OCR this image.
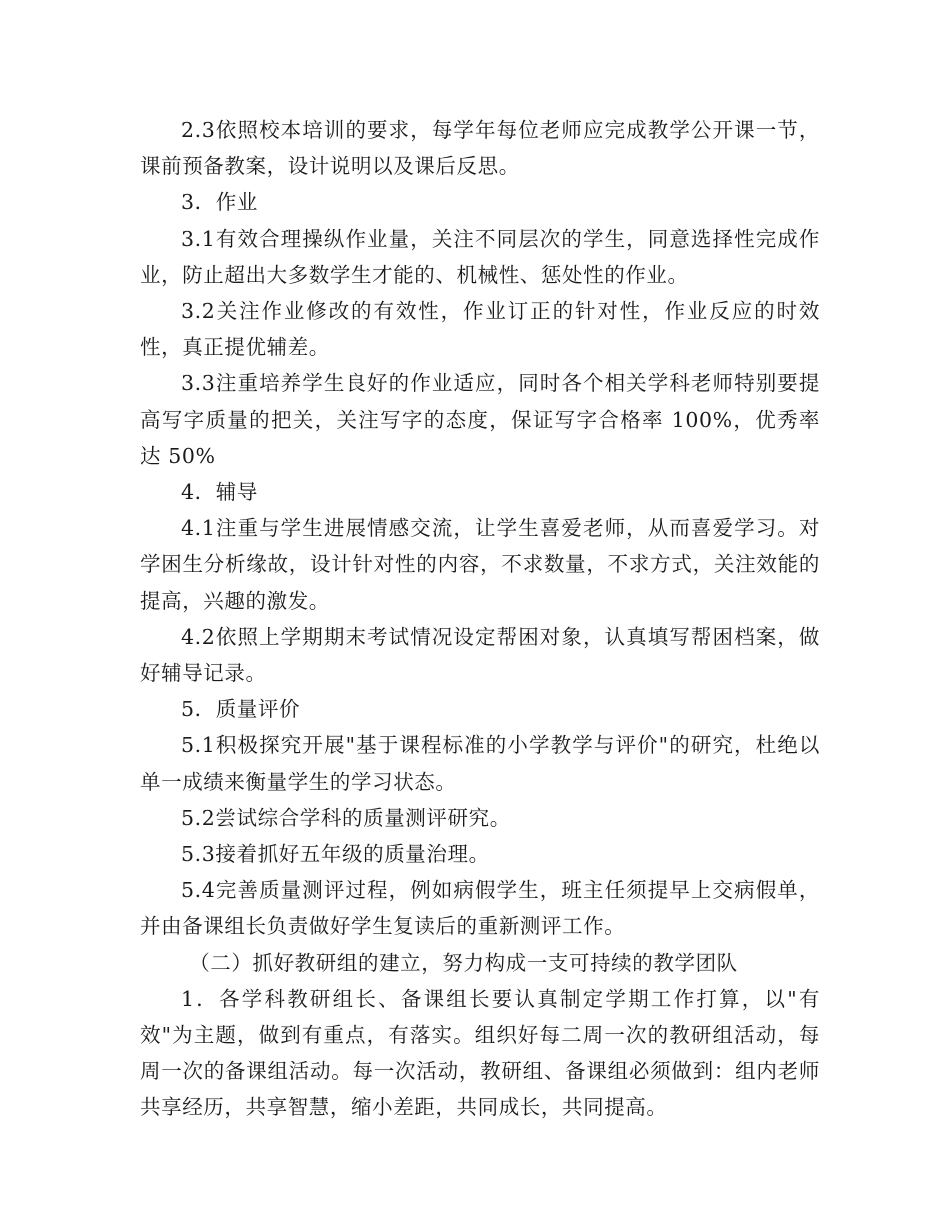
2.3依照校本培训的要求，每学年每位老师应完成教学公开课一节，课前预备教案，设计说明以及课后反思。

3．作业

3.1有效合理操纵作业量，关注不同层次的学生，同意选择性完成作业，防止超出大多数学生才能的、机械性、惩处性的作业。

3.2关注作业修改的有效性，作业订正的针对性，作业反应的时效性，真正提优辅差。

3.3注重培养学生良好的作业适应，同时各个相关学科老师特别要提高写字质量的把关，关注写字的态度，保证写字合格率 100%，优秀率达 50%

4．辅导

4.1注重与学生进展情感交流，让学生喜爱老师，从而喜爱学习。对学困生分析缘故，设计针对性的内容，不求数量，不求方式，关注效能的提高，兴趣的激发。

4.2依照上学期期末考试情况设定帮困对象，认真填写帮困档案，做好辅导记录。

5．质量评价

5.1积极探究开展"基于课程标准的小学教学与评价"的研究，杜绝以单一成绩来衡量学生的学习状态。

5.2尝试综合学科的质量测评研究。

5.3接着抓好五年级的质量治理。

5.4完善质量测评过程，例如病假学生，班主任须提早上交病假单，并由备课组长负责做好学生复读后的重新测评工作。

（二）抓好教研组的建立，努力构成一支可持续的教学团队

1．各学科教研组长、备课组长要认真制定学期工作打算，以"有效"为主题，做到有重点，有落实。组织好每二周一次的教研组活动，每周一次的备课组活动。每一次活动，教研组、备课组必须做到：组内老师共享经历，共享智慧，缩小差距，共同成长，共同提高。
